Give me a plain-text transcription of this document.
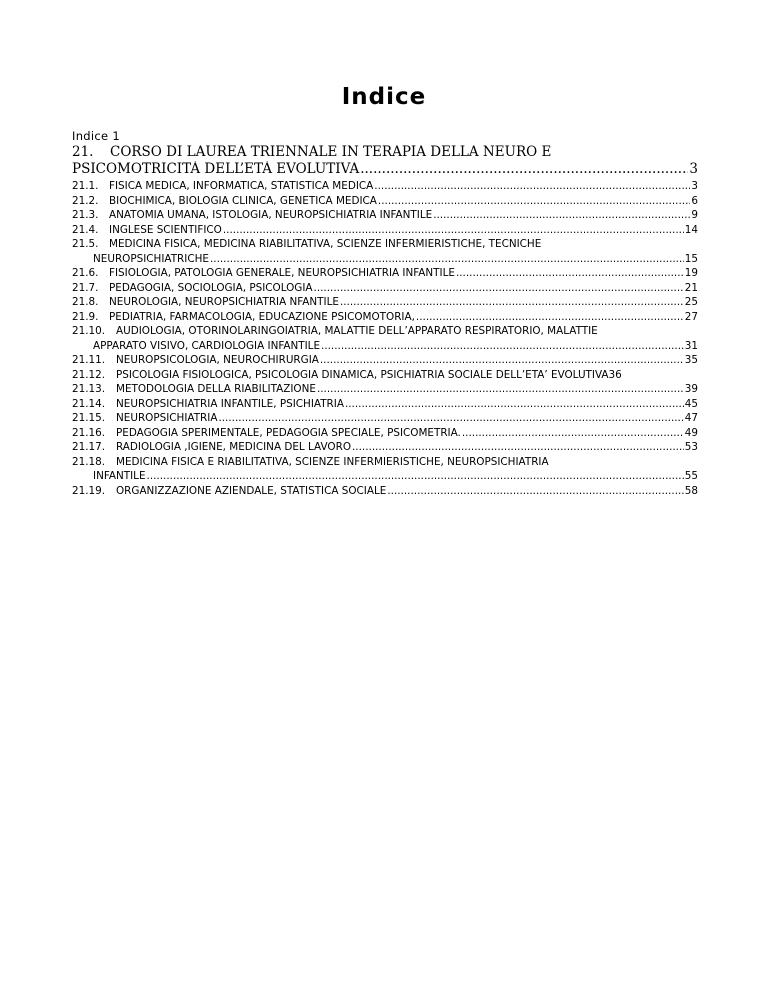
Indice
Indice 1
21. CORSO DI LAUREA TRIENNALE IN TERAPIA DELLA NEURO E
PSICOMOTRICITÀ DELL’ETÀ EVOLUTIVA .....	3
21.1. FISICA MEDICA, INFORMATICA, STATISTICA MEDICA .....	3
21.2. BIOCHIMICA, BIOLOGIA CLINICA, GENETICA MEDICA .....	6
21.3. ANATOMIA UMANA, ISTOLOGIA, NEUROPSICHIATRIA INFANTILE .....	9
21.4. INGLESE SCIENTIFICO .....	14
21.5. MEDICINA FISICA, MEDICINA RIABILITATIVA, SCIENZE INFERMIERISTICHE, TECNICHE
NEUROPSICHIATRICHE .....	15
21.6. FISIOLOGIA, PATOLOGIA GENERALE, NEUROPSICHIATRIA INFANTILE .....	19
21.7. PEDAGOGIA, SOCIOLOGIA, PSICOLOGIA .....	21
21.8. NEUROLOGIA, NEUROPSICHIATRIA NFANTILE .....	25
21.9. PEDIATRIA, FARMACOLOGIA, EDUCAZIONE PSICOMOTORIA, .....	27
21.10. AUDIOLOGIA, OTORINOLARINGOIATRIA, MALATTIE DELL’APPARATO RESPIRATORIO, MALATTIE
APPARATO VISIVO, CARDIOLOGIA INFANTILE .....	31
21.11. NEUROPSICOLOGIA, NEUROCHIRURGIA .....	35
21.12. PSICOLOGIA FISIOLOGICA, PSICOLOGIA DINAMICA, PSICHIATRIA SOCIALE DELL’ETA’ EVOLUTIVA 36
21.13. METODOLOGIA DELLA RIABILITAZIONE .....	39
21.14. NEUROPSICHIATRIA INFANTILE, PSICHIATRIA .....	45
21.15. NEUROPSICHIATRIA .....	47
21.16. PEDAGOGIA SPERIMENTALE, PEDAGOGIA SPECIALE, PSICOMETRIA. .....	49
21.17. RADIOLOGIA ,IGIENE, MEDICINA DEL LAVORO .....	53
21.18. MEDICINA FISICA E RIABILITATIVA, SCIENZE INFERMIERISTICHE, NEUROPSICHIATRIA
INFANTILE .....	55
21.19. ORGANIZZAZIONE AZIENDALE, STATISTICA SOCIALE .....	58
